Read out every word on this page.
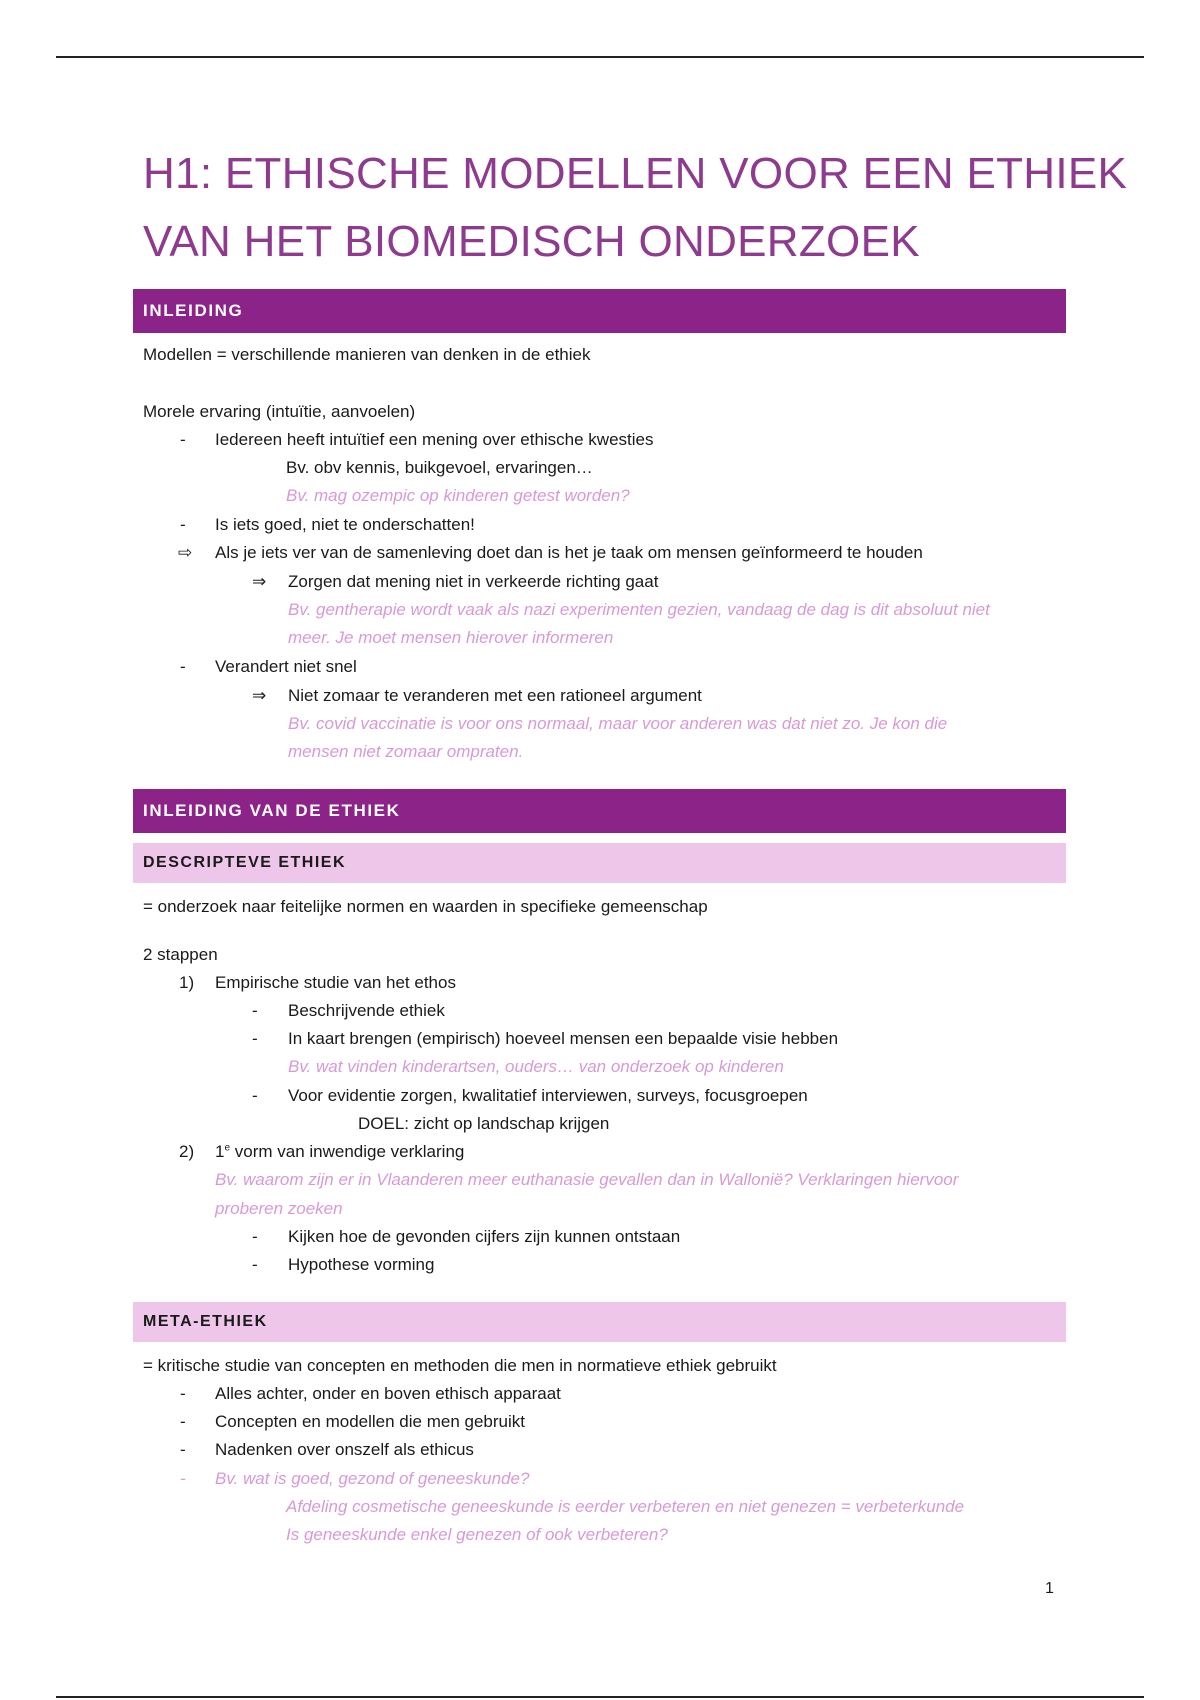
H1: ETHISCHE MODELLEN VOOR EEN ETHIEK
VAN HET BIOMEDISCH ONDERZOEK
INLEIDING
Modellen = verschillende manieren van denken in de ethiek
Morele ervaring (intuïtie, aanvoelen)
- Iedereen heeft intuïtief een mening over ethische kwesties
Bv. obv kennis, buikgevoel, ervaringen…
Bv. mag ozempic op kinderen getest worden?
- Is iets goed, niet te onderschatten!
⇨ Als je iets ver van de samenleving doet dan is het je taak om mensen geïnformeerd te houden
⇒ Zorgen dat mening niet in verkeerde richting gaat
Bv. gentherapie wordt vaak als nazi experimenten gezien, vandaag de dag is dit absoluut niet
meer. Je moet mensen hierover informeren
- Verandert niet snel
⇒ Niet zomaar te veranderen met een rationeel argument
Bv. covid vaccinatie is voor ons normaal, maar voor anderen was dat niet zo. Je kon die
mensen niet zomaar ompraten.
INLEIDING VAN DE ETHIEK
DESCRIPTEVE ETHIEK
= onderzoek naar feitelijke normen en waarden in specifieke gemeenschap
2 stappen
1) Empirische studie van het ethos
- Beschrijvende ethiek
- In kaart brengen (empirisch) hoeveel mensen een bepaalde visie hebben
Bv. wat vinden kinderartsen, ouders… van onderzoek op kinderen
- Voor evidentie zorgen, kwalitatief interviewen, surveys, focusgroepen
DOEL: zicht op landschap krijgen
2) 1e vorm van inwendige verklaring
Bv. waarom zijn er in Vlaanderen meer euthanasie gevallen dan in Wallonië? Verklaringen hiervoor
proberen zoeken
- Kijken hoe de gevonden cijfers zijn kunnen ontstaan
- Hypothese vorming
META-ETHIEK
= kritische studie van concepten en methoden die men in normatieve ethiek gebruikt
- Alles achter, onder en boven ethisch apparaat
- Concepten en modellen die men gebruikt
- Nadenken over onszelf als ethicus
- Bv. wat is goed, gezond of geneeskunde?
Afdeling cosmetische geneeskunde is eerder verbeteren en niet genezen = verbeterkunde
Is geneeskunde enkel genezen of ook verbeteren?
1
